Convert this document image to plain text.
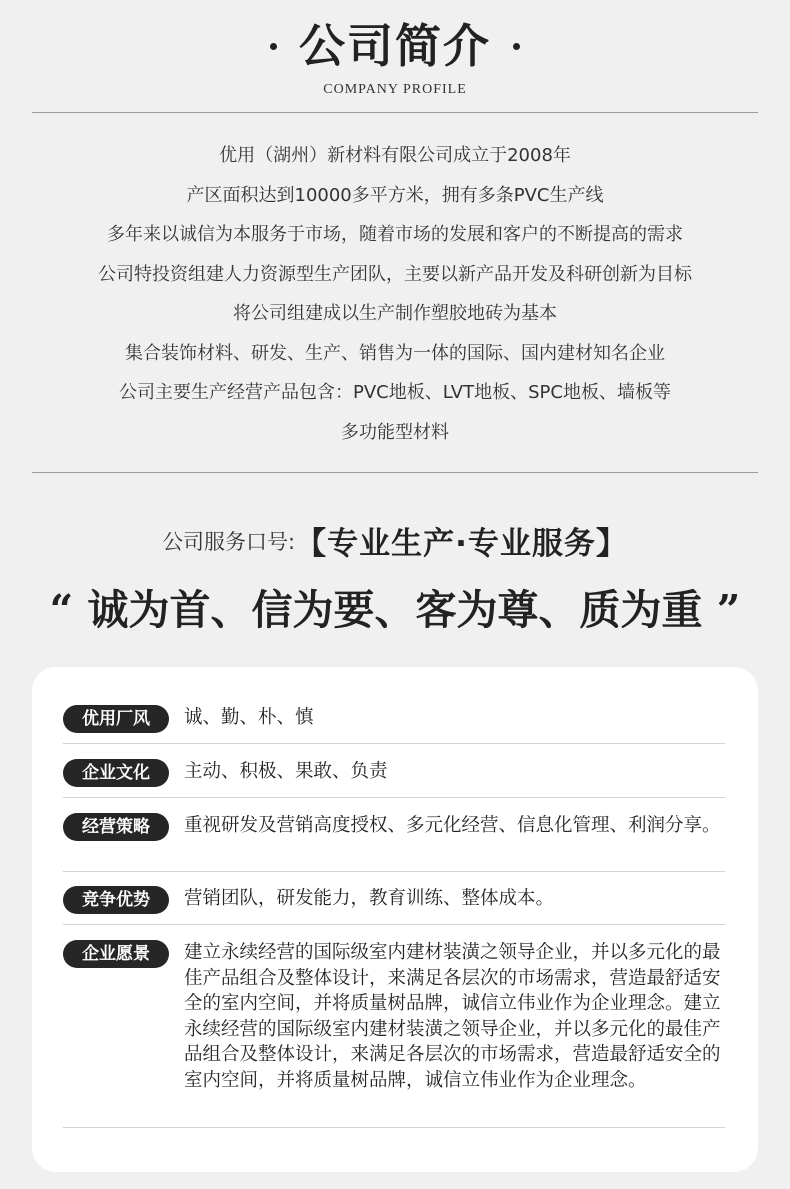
公司简介
COMPANY PROFILE
优用（湖州）新材料有限公司成立于2008年
产区面积达到10000多平方米，拥有多条PVC生产线
多年来以诚信为本服务于市场，随着市场的发展和客户的不断提高的需求
公司特投资组建人力资源型生产团队，主要以新产品开发及科研创新为目标
将公司组建成以生产制作塑胶地砖为基本
集合装饰材料、研发、生产、销售为一体的国际、国内建材知名企业
公司主要生产经营产品包含：PVC地板、LVT地板、SPC地板、墙板等
多功能型材料
公司服务口号: 【专业生产·专业服务】
“ 诚为首、信为要、客为尊、质为重 ”
优用厂风	诚、勤、朴、慎
企业文化	主动、积极、果敢、负责
经营策略	重视研发及营销高度授权、多元化经营、信息化管理、利润分享。
竞争优势	营销团队，研发能力，教育训练、整体成本。
企业愿景	建立永续经营的国际级室内建材装潢之领导企业，并以多元化的最佳产品组合及整体设计，来满足各层次的市场需求，营造最舒适安全的室内空间，并将质量树品牌，诚信立伟业作为企业理念。建立永续经营的国际级室内建材装潢之领导企业，并以多元化的最佳产品组合及整体设计，来满足各层次的市场需求，营造最舒适安全的室内空间，并将质量树品牌，诚信立伟业作为企业理念。
